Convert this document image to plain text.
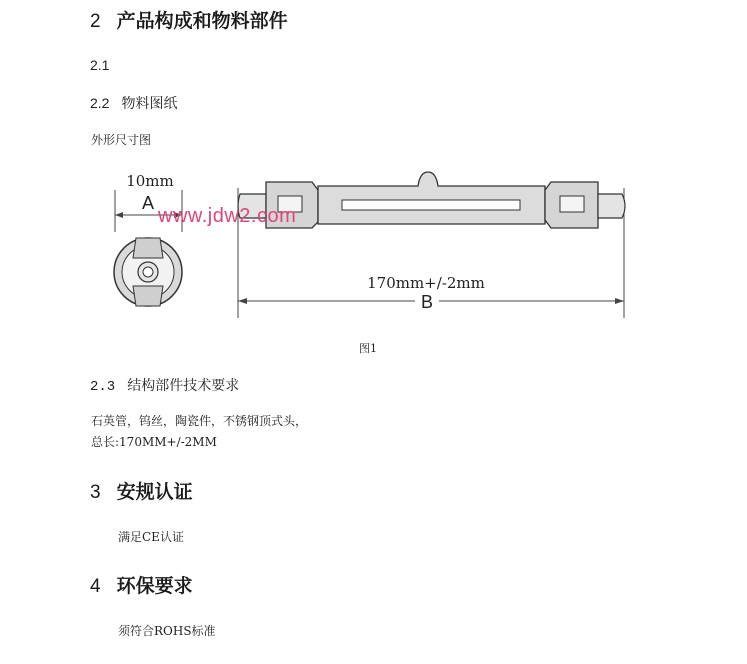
2 产品构成和物料部件
2.1
2.2 物料图纸
外形尺寸图
10mm
A
www.jdw2.com
170mm+/-2mm
B
图1
2.3 结构部件技术要求
石英管，钨丝，陶瓷件，不锈钢顶式头，
总长:170MM+/-2MM
3 安规认证
满足CE认证
4 环保要求
须符合ROHS标准
